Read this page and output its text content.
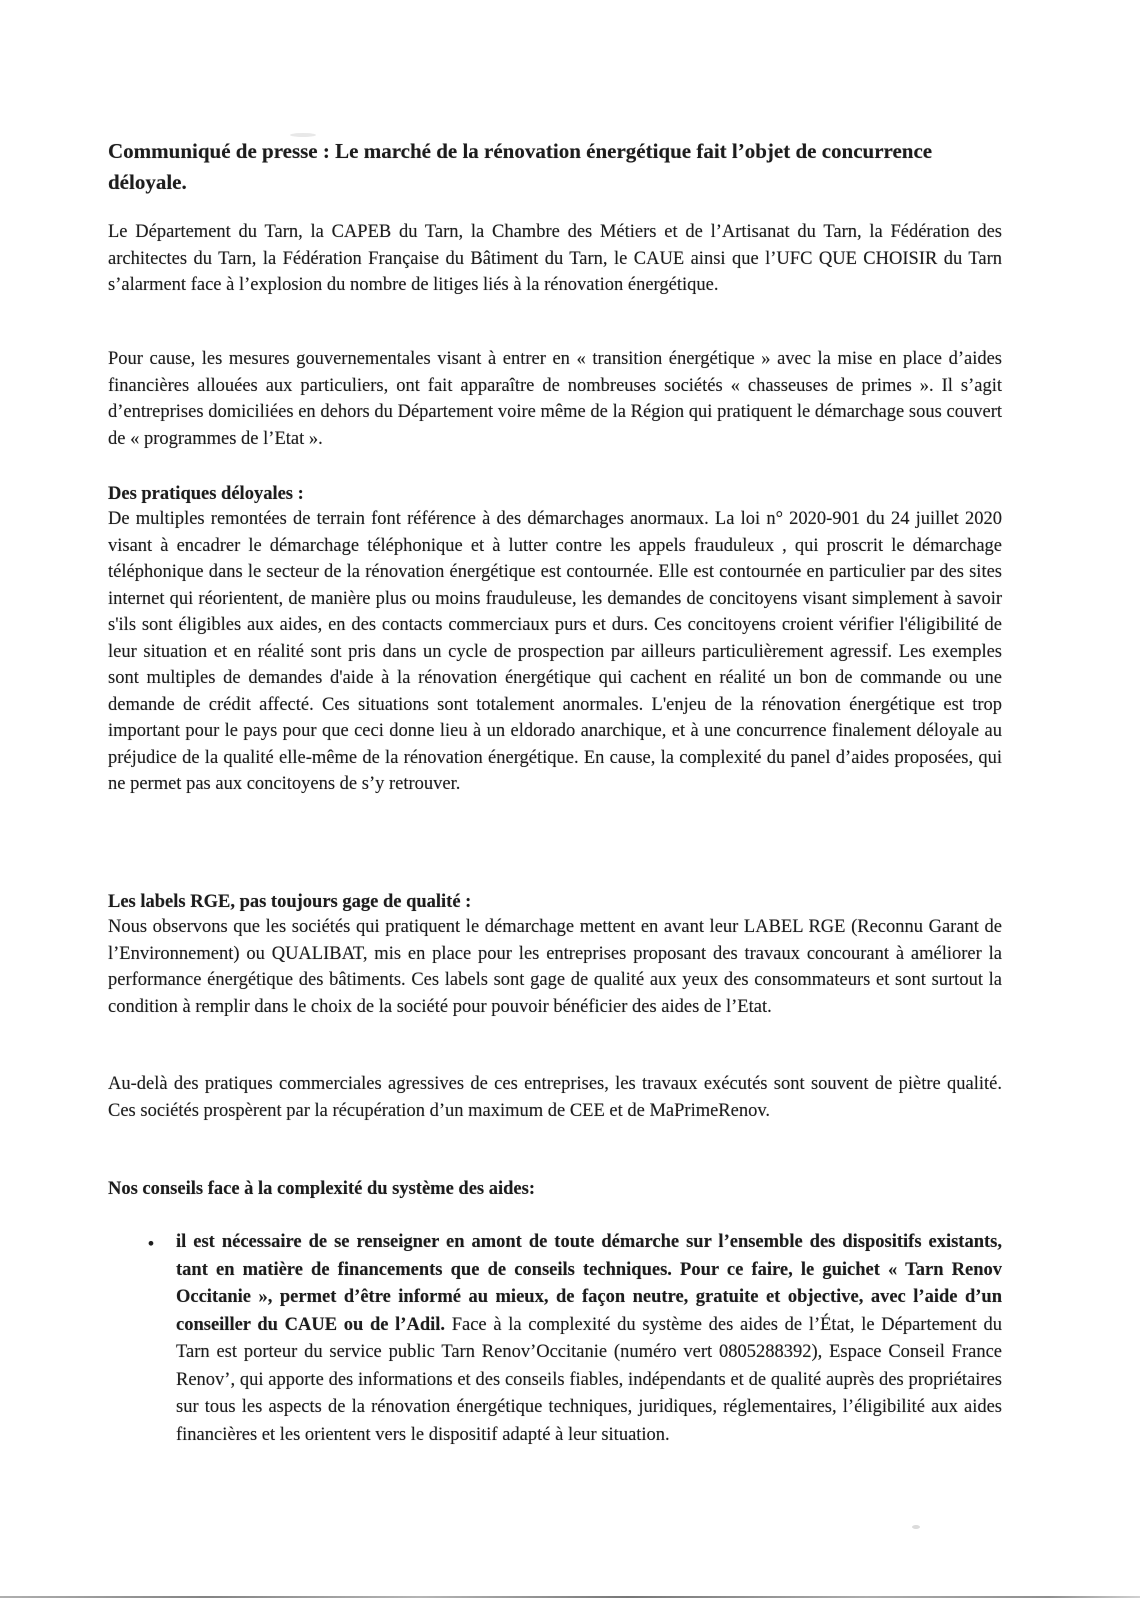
Communiqué de presse : Le marché de la rénovation énergétique fait l’objet de concurrence déloyale.

Le Département du Tarn, la CAPEB du Tarn, la Chambre des Métiers et de l’Artisanat du Tarn, la Fédération des architectes du Tarn, la Fédération Française du Bâtiment du Tarn, le CAUE ainsi que l’UFC QUE CHOISIR du Tarn s’alarment face à l’explosion du nombre de litiges liés à la rénovation énergétique.

Pour cause, les mesures gouvernementales visant à entrer en « transition énergétique » avec la mise en place d’aides financières allouées aux particuliers, ont fait apparaître de nombreuses sociétés « chasseuses de primes ». Il s’agit d’entreprises domiciliées en dehors du Département voire même de la Région qui pratiquent le démarchage sous couvert de « programmes de l’Etat ».

Des pratiques déloyales :

De multiples remontées de terrain font référence à des démarchages anormaux. La loi n° 2020-901 du 24 juillet 2020 visant à encadrer le démarchage téléphonique et à lutter contre les appels frauduleux , qui proscrit le démarchage téléphonique dans le secteur de la rénovation énergétique est contournée. Elle est contournée en particulier par des sites internet qui réorientent, de manière plus ou moins frauduleuse, les demandes de concitoyens visant simplement à savoir s'ils sont éligibles aux aides, en des contacts commerciaux purs et durs. Ces concitoyens croient vérifier l'éligibilité de leur situation et en réalité sont pris dans un cycle de prospection par ailleurs particulièrement agressif. Les exemples sont multiples de demandes d'aide à la rénovation énergétique qui cachent en réalité un bon de commande ou une demande de crédit affecté. Ces situations sont totalement anormales. L'enjeu de la rénovation énergétique est trop important pour le pays pour que ceci donne lieu à un eldorado anarchique, et à une concurrence finalement déloyale au préjudice de la qualité elle-même de la rénovation énergétique. En cause, la complexité du panel d’aides proposées, qui ne permet pas aux concitoyens de s’y retrouver.

Les labels RGE, pas toujours gage de qualité :

Nous observons que les sociétés qui pratiquent le démarchage mettent en avant leur LABEL RGE (Reconnu Garant de l’Environnement) ou QUALIBAT, mis en place pour les entreprises proposant des travaux concourant à améliorer la performance énergétique des bâtiments. Ces labels sont gage de qualité aux yeux des consommateurs et sont surtout la condition à remplir dans le choix de la société pour pouvoir bénéficier des aides de l’Etat.

Au-delà des pratiques commerciales agressives de ces entreprises, les travaux exécutés sont souvent de piètre qualité. Ces sociétés prospèrent par la récupération d’un maximum de CEE et de MaPrimeRenov.

Nos conseils face à la complexité du système des aides:

• il est nécessaire de se renseigner en amont de toute démarche sur l’ensemble des dispositifs existants, tant en matière de financements que de conseils techniques. Pour ce faire, le guichet « Tarn Renov Occitanie », permet d’être informé au mieux, de façon neutre, gratuite et objective, avec l’aide d’un conseiller du CAUE ou de l’Adil. Face à la complexité du système des aides de l’État, le Département du Tarn est porteur du service public Tarn Renov’Occitanie (numéro vert 0805288392), Espace Conseil France Renov’, qui apporte des informations et des conseils fiables, indépendants et de qualité auprès des propriétaires sur tous les aspects de la rénovation énergétique techniques, juridiques, réglementaires, l’éligibilité aux aides financières et les orientent vers le dispositif adapté à leur situation.
